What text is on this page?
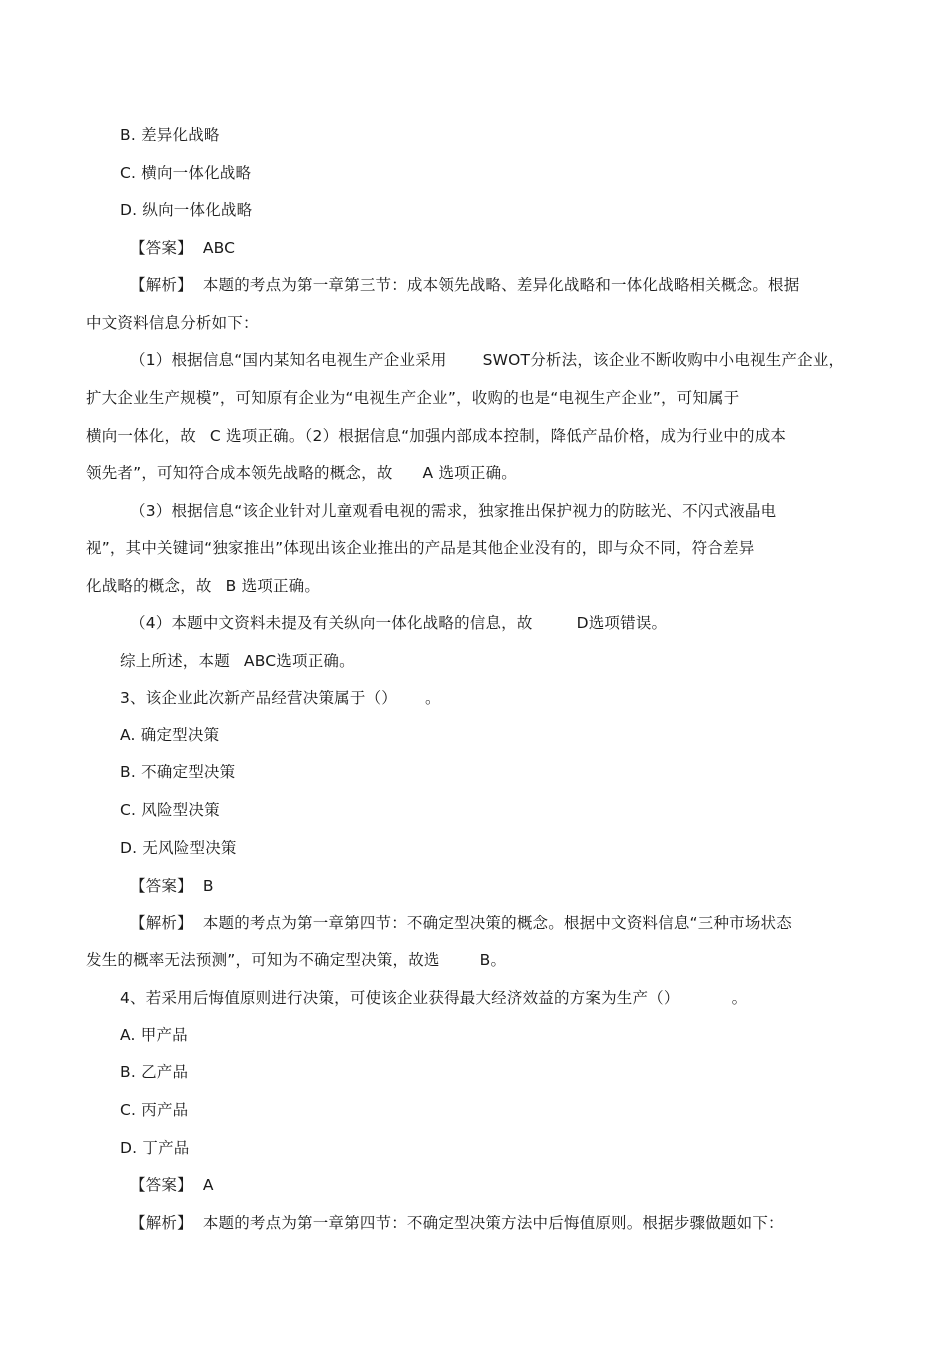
B. 差异化战略
C. 横向一体化战略
D. 纵向一体化战略
【答案】 ABC
【解析】 本题的考点为第一章第三节：成本领先战略、差异化战略和一体化战略相关概念。根据
中文资料信息分析如下：
（1）根据信息“国内某知名电视生产企业采用 SWOT分析法，该企业不断收购中小电视生产企业，
扩大企业生产规模”，可知原有企业为“电视生产企业”，收购的也是“电视生产企业”，可知属于
横向一体化，故 C 选项正确。（2）根据信息“加强内部成本控制，降低产品价格，成为行业中的成本
领先者”，可知符合成本领先战略的概念，故 A 选项正确。
（3）根据信息“该企业针对儿童观看电视的需求，独家推出保护视力的防眩光、不闪式液晶电
视”，其中关键词“独家推出”体现出该企业推出的产品是其他企业没有的，即与众不同，符合差异
化战略的概念，故 B 选项正确。
（4）本题中文资料未提及有关纵向一体化战略的信息，故	D选项错误。
综上所述，本题 ABC选项正确。
3、该企业此次新产品经营决策属于（） 。
A. 确定型决策
B. 不确定型决策
C. 风险型决策
D. 无风险型决策
【答案】 B
【解析】 本题的考点为第一章第四节：不确定型决策的概念。根据中文资料信息“三种市场状态
发生的概率无法预测”，可知为不确定型决策，故选	B。
4、若采用后悔值原则进行决策，可使该企业获得最大经济效益的方案为生产（）	。
A. 甲产品
B. 乙产品
C. 丙产品
D. 丁产品
【答案】 A
【解析】 本题的考点为第一章第四节：不确定型决策方法中后悔值原则。根据步骤做题如下：
